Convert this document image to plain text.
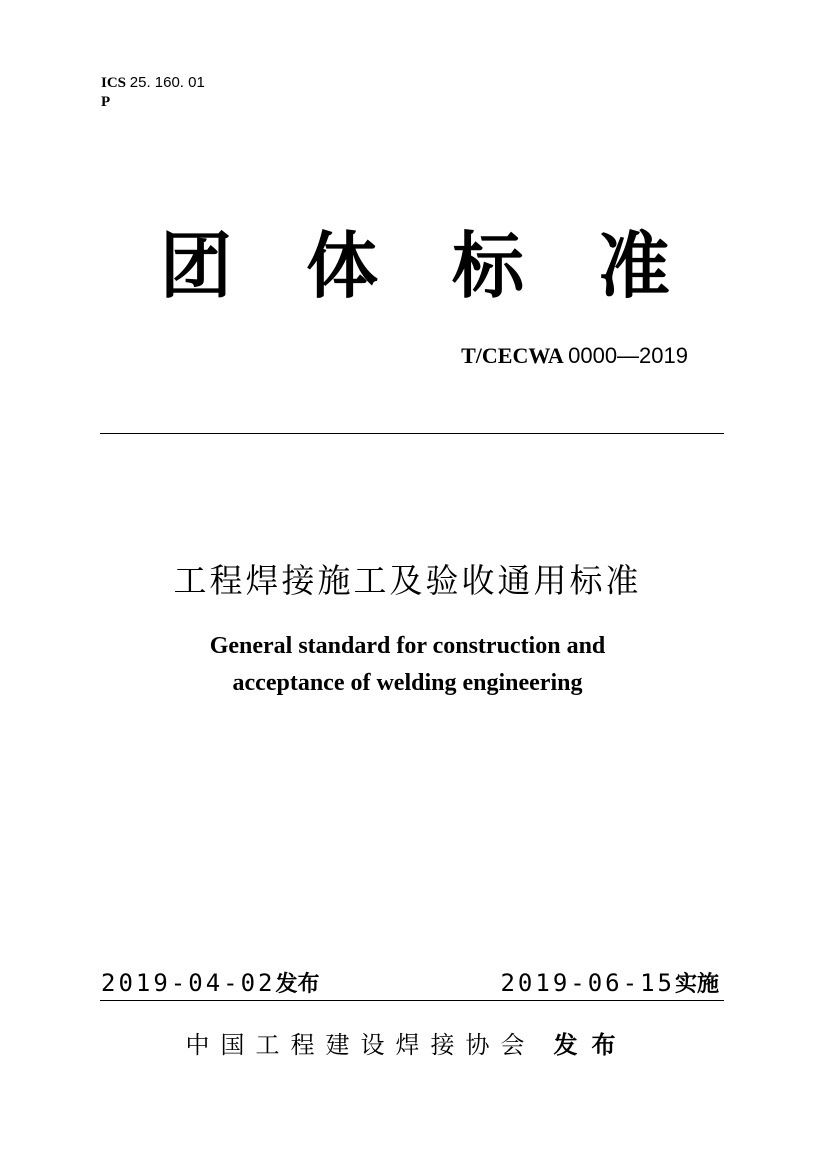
ICS 25. 160. 01
P
团 体 标 准
T/CECWA 0000—2019
工程焊接施工及验收通用标准
General standard for construction and
acceptance of welding engineering
2019-04-02发布	2019-06-15实施
中国工程建设焊接协会 发布
